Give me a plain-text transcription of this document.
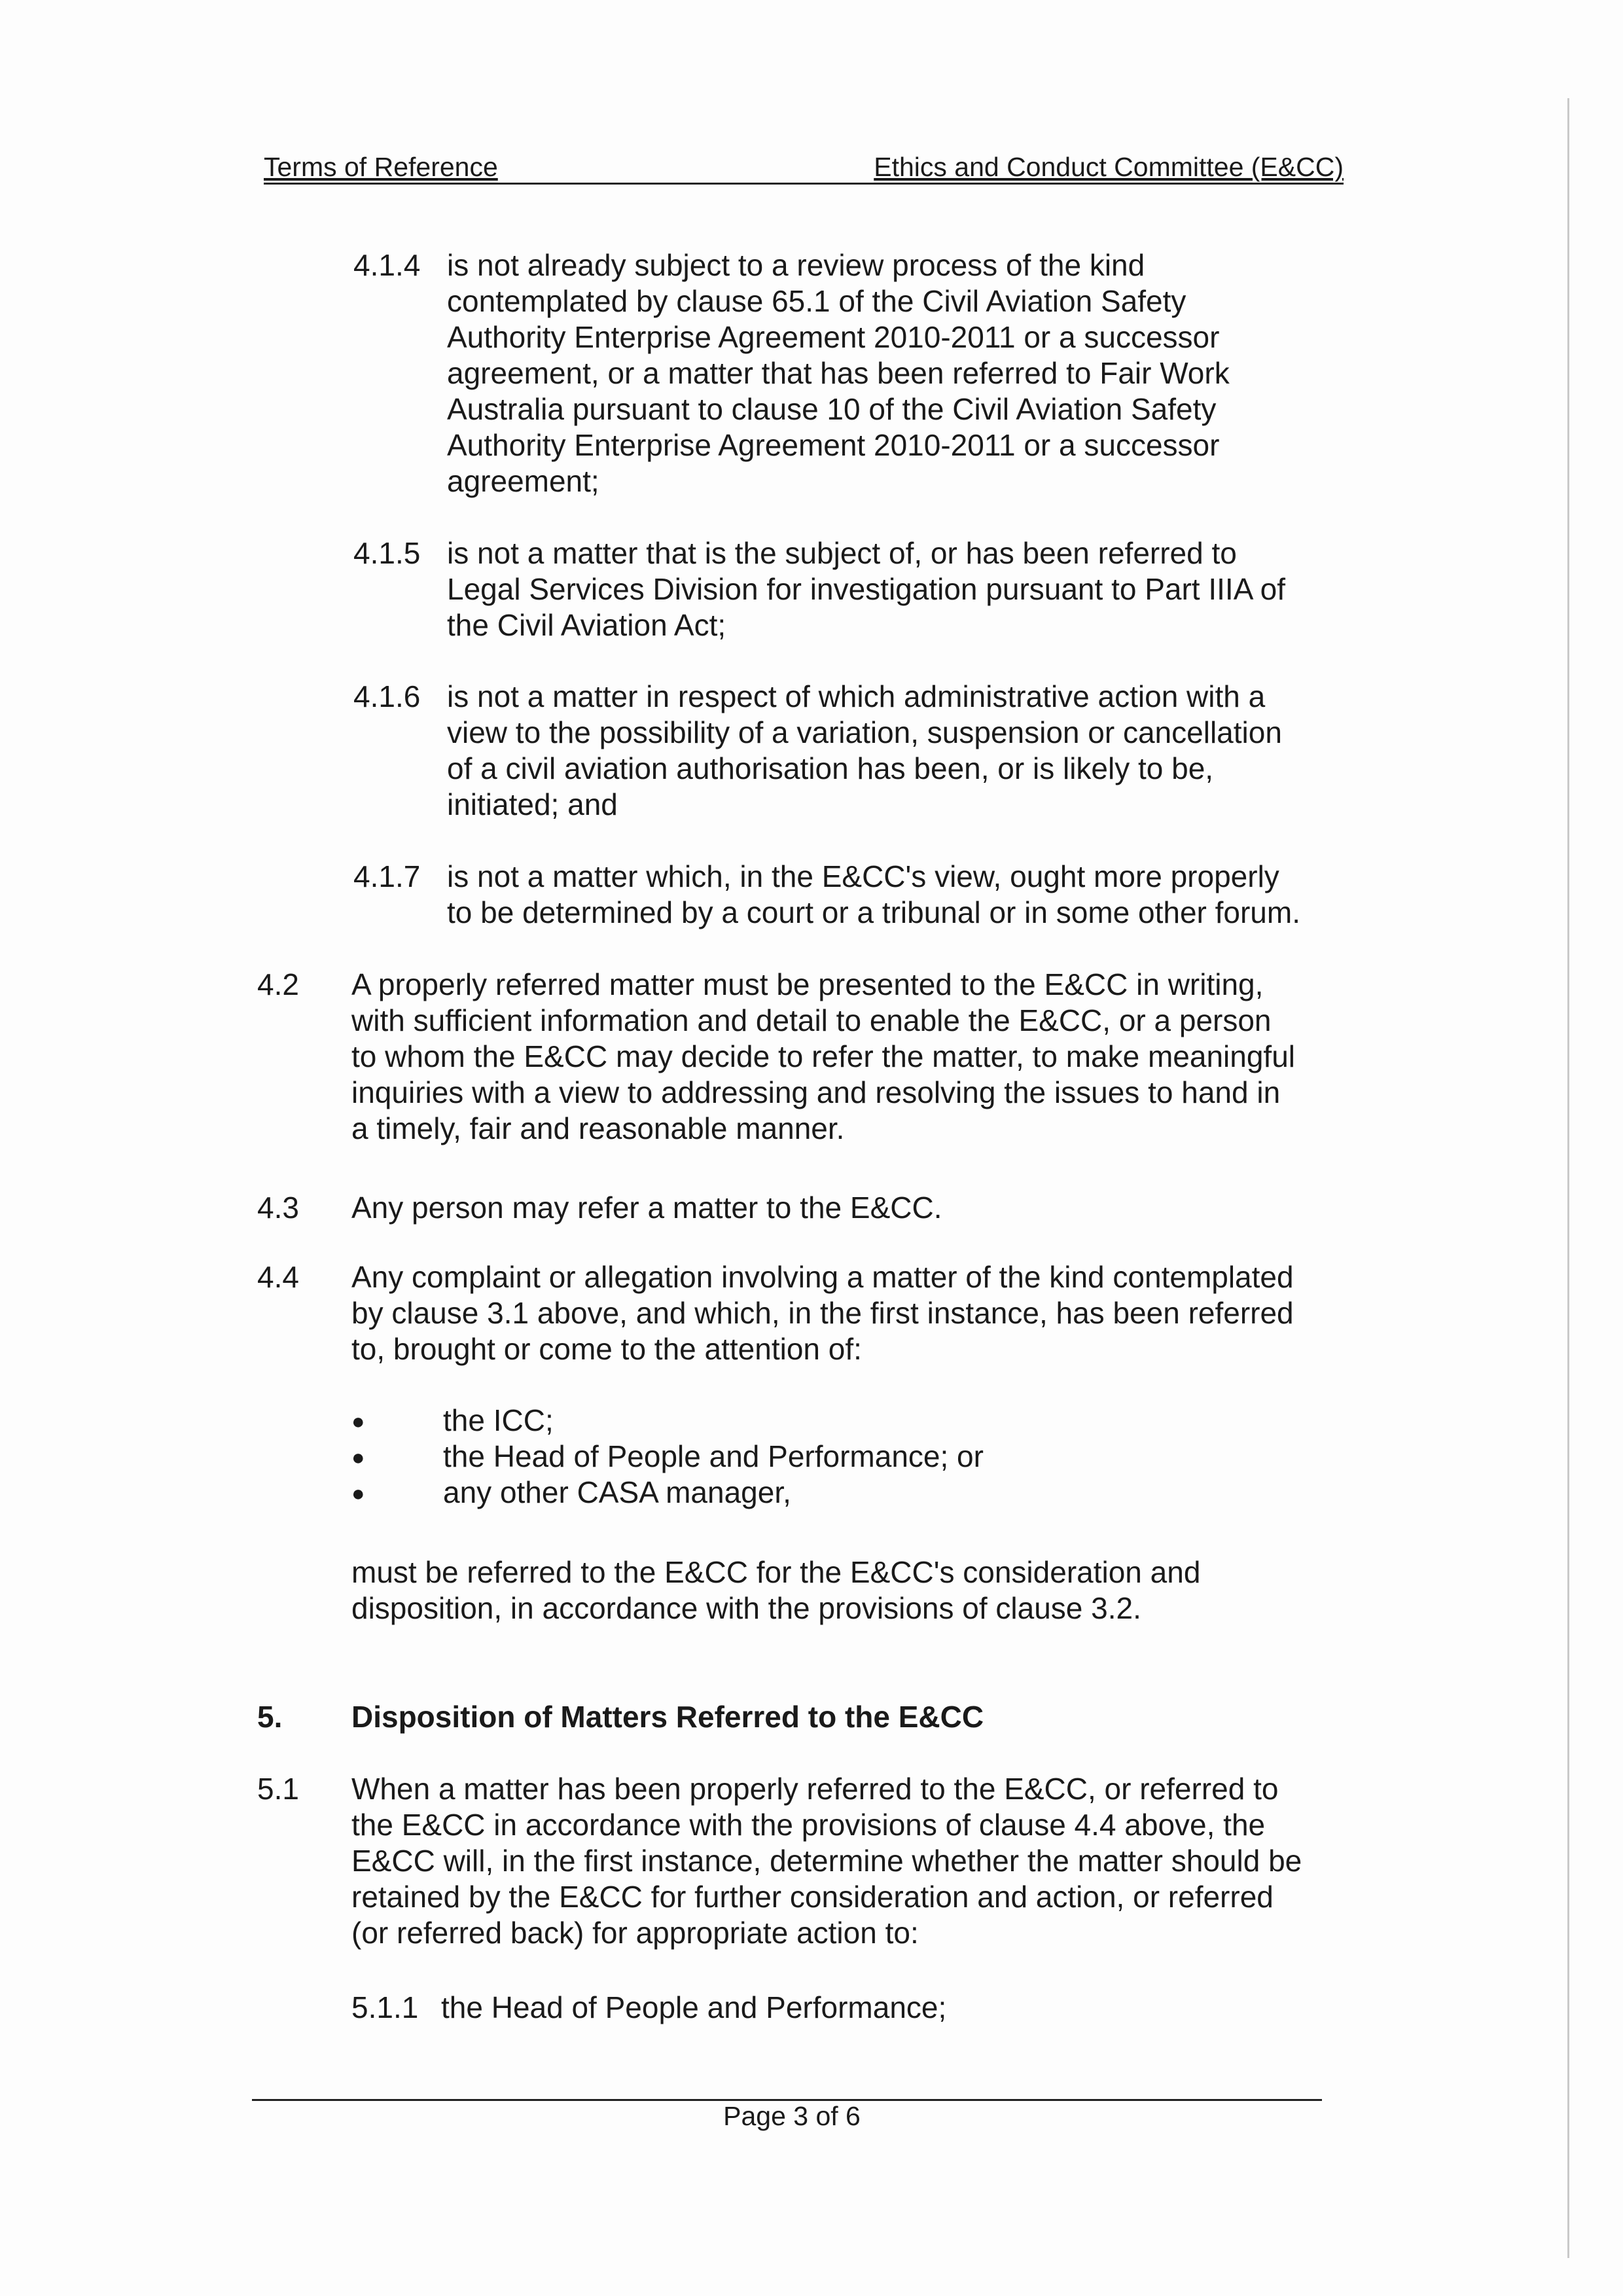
Terms of Reference	Ethics and Conduct Committee (E&CC)
4.1.4 is not already subject to a review process of the kind
contemplated by clause 65.1 of the Civil Aviation Safety
Authority Enterprise Agreement 2010-2011 or a successor
agreement, or a matter that has been referred to Fair Work
Australia pursuant to clause 10 of the Civil Aviation Safety
Authority Enterprise Agreement 2010-2011 or a successor
agreement;
4.1.5 is not a matter that is the subject of, or has been referred to
Legal Services Division for investigation pursuant to Part IIIA of
the Civil Aviation Act;
4.1.6 is not a matter in respect of which administrative action with a
view to the possibility of a variation, suspension or cancellation
of a civil aviation authorisation has been, or is likely to be,
initiated; and
4.1.7 is not a matter which, in the E&CC's view, ought more properly
to be determined by a court or a tribunal or in some other forum.
4.2 A properly referred matter must be presented to the E&CC in writing,
with sufficient information and detail to enable the E&CC, or a person
to whom the E&CC may decide to refer the matter, to make meaningful
inquiries with a view to addressing and resolving the issues to hand in
a timely, fair and reasonable manner.
4.3 Any person may refer a matter to the E&CC.
4.4 Any complaint or allegation involving a matter of the kind contemplated
by clause 3.1 above, and which, in the first instance, has been referred
to, brought or come to the attention of:
●	the ICC;
●	the Head of People and Performance; or
●	any other CASA manager,
must be referred to the E&CC for the E&CC's consideration and
disposition, in accordance with the provisions of clause 3.2.
5. Disposition of Matters Referred to the E&CC
5.1 When a matter has been properly referred to the E&CC, or referred to
the E&CC in accordance with the provisions of clause 4.4 above, the
E&CC will, in the first instance, determine whether the matter should be
retained by the E&CC for further consideration and action, or referred
(or referred back) for appropriate action to:
5.1.1 the Head of People and Performance;
Page 3 of 6
